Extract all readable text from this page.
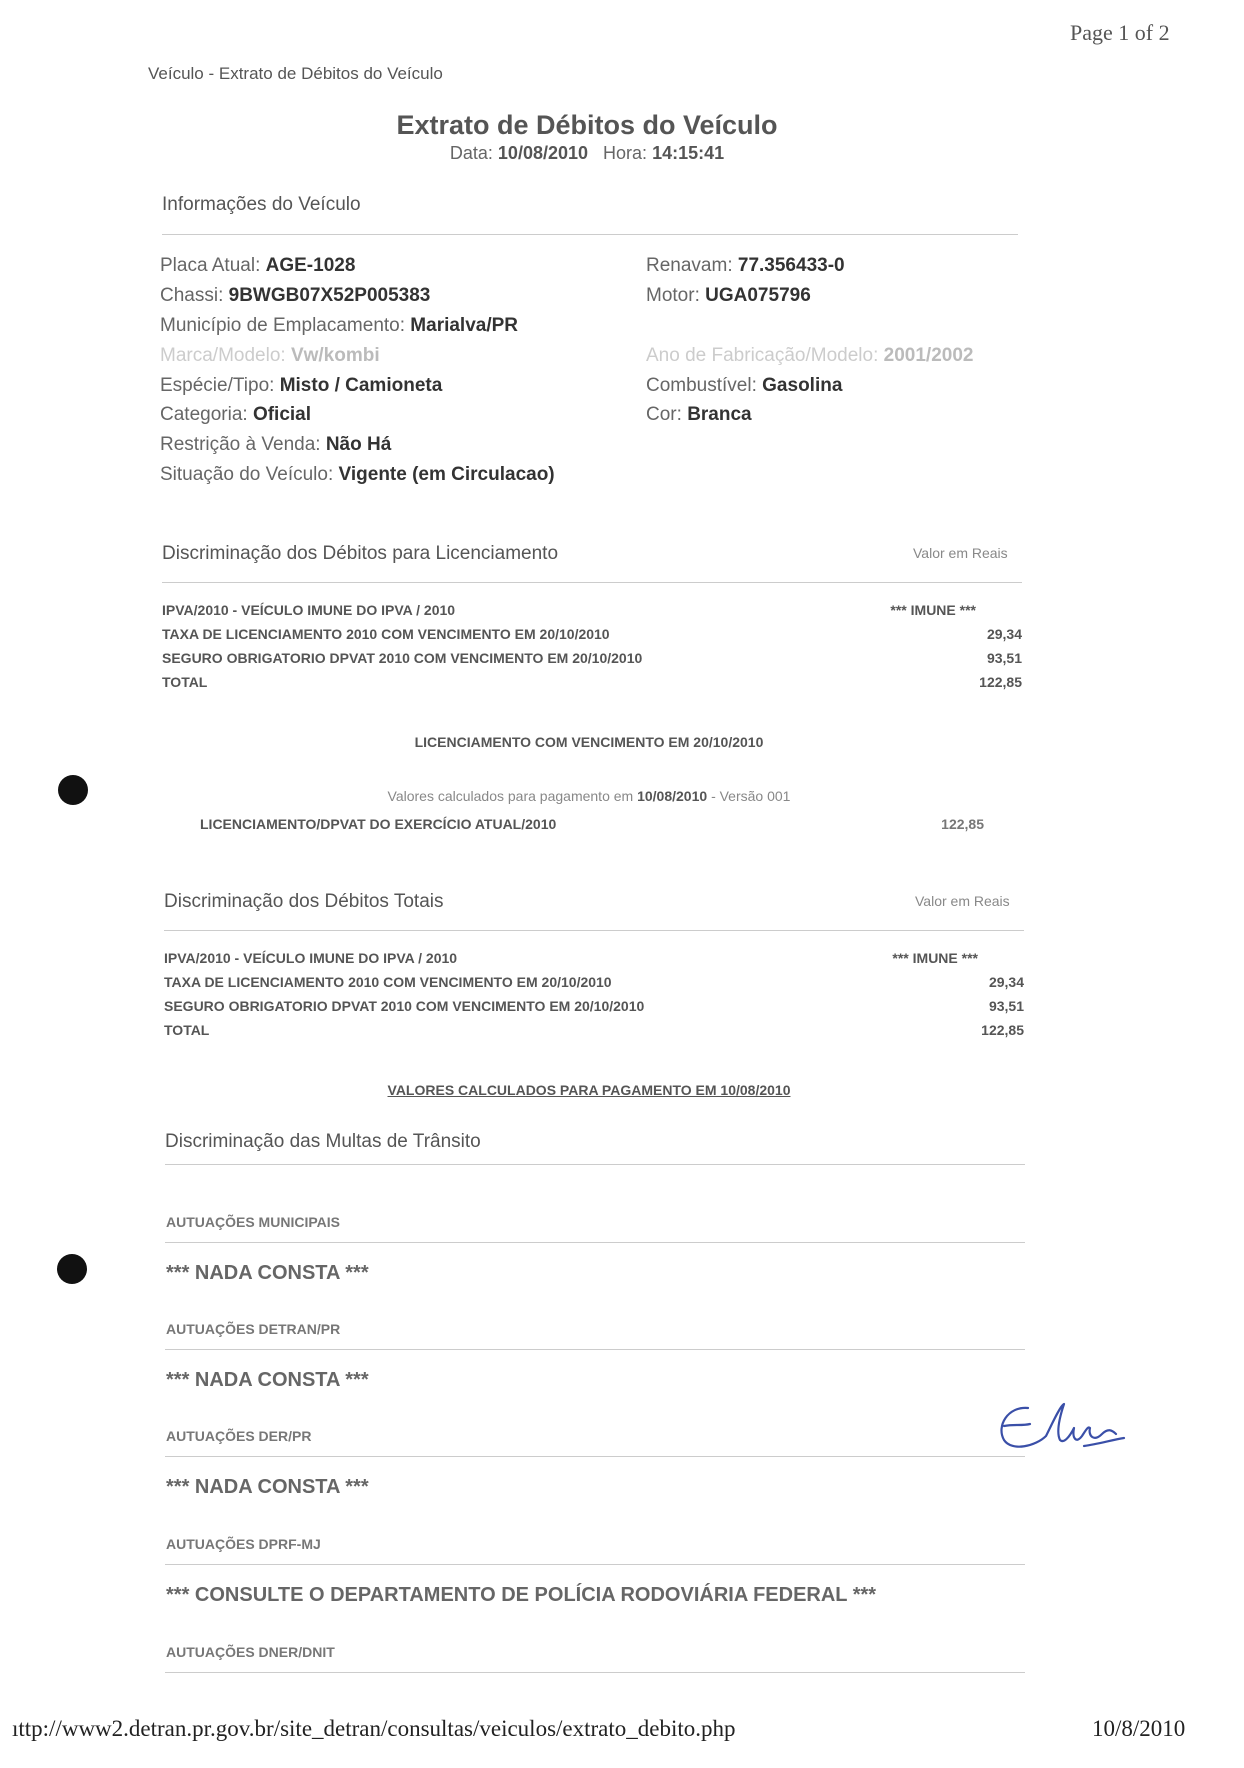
Page 1 of 2
Veículo - Extrato de Débitos do Veículo
Extrato de Débitos do Veículo
Data: 10/08/2010 Hora: 14:15:41
Informações do Veículo
Placa Atual: AGE-1028
Chassi: 9BWGB07X52P005383
Município de Emplacamento: Marialva/PR
Marca/Modelo: Vw/kombi
Espécie/Tipo: Misto / Camioneta
Categoria: Oficial
Restrição à Venda: Não Há
Situação do Veículo: Vigente (em Circulacao)
Renavam: 77.356433-0
Motor: UGA075796
Ano de Fabricação/Modelo: 2001/2002
Combustível: Gasolina
Cor: Branca
Discriminação dos Débitos para Licenciamento	Valor em Reais
IPVA/2010 - VEÍCULO IMUNE DO IPVA / 2010	*** IMUNE ***
TAXA DE LICENCIAMENTO 2010 COM VENCIMENTO EM 20/10/2010	29,34
SEGURO OBRIGATORIO DPVAT 2010 COM VENCIMENTO EM 20/10/2010	93,51
TOTAL	122,85
LICENCIAMENTO COM VENCIMENTO EM 20/10/2010
Valores calculados para pagamento em 10/08/2010 - Versão 001
LICENCIAMENTO/DPVAT DO EXERCÍCIO ATUAL/2010	122,85
Discriminação dos Débitos Totais	Valor em Reais
IPVA/2010 - VEÍCULO IMUNE DO IPVA / 2010	*** IMUNE ***
TAXA DE LICENCIAMENTO 2010 COM VENCIMENTO EM 20/10/2010	29,34
SEGURO OBRIGATORIO DPVAT 2010 COM VENCIMENTO EM 20/10/2010	93,51
TOTAL	122,85
VALORES CALCULADOS PARA PAGAMENTO EM 10/08/2010
Discriminação das Multas de Trânsito
AUTUAÇÕES MUNICIPAIS
*** NADA CONSTA ***
AUTUAÇÕES DETRAN/PR
*** NADA CONSTA ***
AUTUAÇÕES DER/PR
*** NADA CONSTA ***
AUTUAÇÕES DPRF-MJ
*** CONSULTE O DEPARTAMENTO DE POLÍCIA RODOVIÁRIA FEDERAL ***
AUTUAÇÕES DNER/DNIT
ıttp://www2.detran.pr.gov.br/site_detran/consultas/veiculos/extrato_debito.php	10/8/2010
